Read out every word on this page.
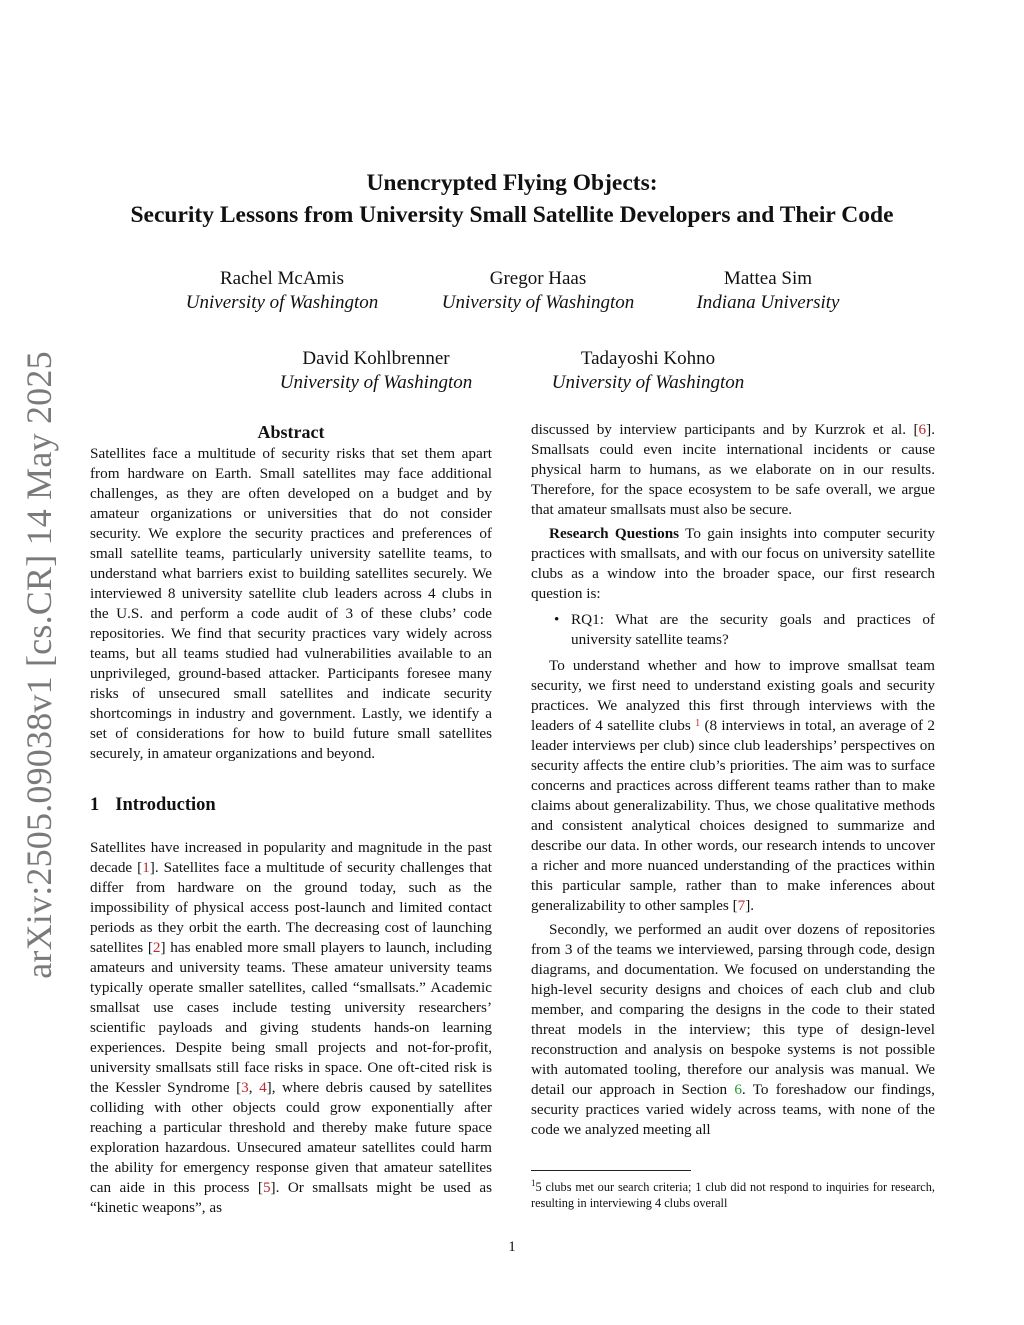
arXiv:2505.09038v1 [cs.CR] 14 May 2025
Unencrypted Flying Objects:
Security Lessons from University Small Satellite Developers and Their Code
Rachel McAmis
University of Washington
Gregor Haas
University of Washington
Mattea Sim
Indiana University
David Kohlbrenner
University of Washington
Tadayoshi Kohno
University of Washington
Abstract

Satellites face a multitude of security risks that set them apart from hardware on Earth. Small satellites may face additional challenges, as they are often developed on a budget and by amateur organizations or universities that do not consider security. We explore the security practices and preferences of small satellite teams, particularly university satellite teams, to understand what barriers exist to building satellites securely. We interviewed 8 university satellite club leaders across 4 clubs in the U.S. and perform a code audit of 3 of these clubs’ code repositories. We find that security practices vary widely across teams, but all teams studied had vulnerabilities available to an unprivileged, ground-based attacker. Participants foresee many risks of unsecured small satellites and indicate security shortcomings in industry and government. Lastly, we identify a set of considerations for how to build future small satellites securely, in amateur organizations and beyond.

1 Introduction

Satellites have increased in popularity and magnitude in the past decade [1]. Satellites face a multitude of security challenges that differ from hardware on the ground today, such as the impossibility of physical access post-launch and limited contact periods as they orbit the earth. The decreasing cost of launching satellites [2] has enabled more small players to launch, including amateurs and university teams. These amateur university teams typically operate smaller satellites, called “smallsats.” Academic smallsat use cases include testing university researchers’ scientific payloads and giving students hands-on learning experiences. Despite being small projects and not-for-profit, university smallsats still face risks in space. One oft-cited risk is the Kessler Syndrome [3, 4], where debris caused by satellites colliding with other objects could grow exponentially after reaching a particular threshold and thereby make future space exploration hazardous. Unsecured amateur satellites could harm the ability for emergency response given that amateur satellites can aide in this process [5]. Or smallsats might be used as “kinetic weapons”, as

discussed by interview participants and by Kurzrok et al. [6]. Smallsats could even incite international incidents or cause physical harm to humans, as we elaborate on in our results. Therefore, for the space ecosystem to be safe overall, we argue that amateur smallsats must also be secure.

Research Questions To gain insights into computer security practices with smallsats, and with our focus on university satellite clubs as a window into the broader space, our first research question is:

• RQ1: What are the security goals and practices of university satellite teams?

To understand whether and how to improve smallsat team security, we first need to understand existing goals and security practices. We analyzed this first through interviews with the leaders of 4 satellite clubs $^1$ (8 interviews in total, an average of 2 leader interviews per club) since club leaderships’ perspectives on security affects the entire club’s priorities. The aim was to surface concerns and practices across different teams rather than to make claims about generalizability. Thus, we chose qualitative methods and consistent analytical choices designed to summarize and describe our data. In other words, our research intends to uncover a richer and more nuanced understanding of the practices within this particular sample, rather than to make inferences about generalizability to other samples [7].

Secondly, we performed an audit over dozens of repositories from 3 of the teams we interviewed, parsing through code, design diagrams, and documentation. We focused on understanding the high-level security designs and choices of each club and club member, and comparing the designs in the code to their stated threat models in the interview; this type of design-level reconstruction and analysis on bespoke systems is not possible with automated tooling, therefore our analysis was manual. We detail our approach in Section 6. To foreshadow our findings, security practices varied widely across teams, with none of the code we analyzed meeting all

$^1$5 clubs met our search criteria; 1 club did not respond to inquiries for research, resulting in interviewing 4 clubs overall
1
